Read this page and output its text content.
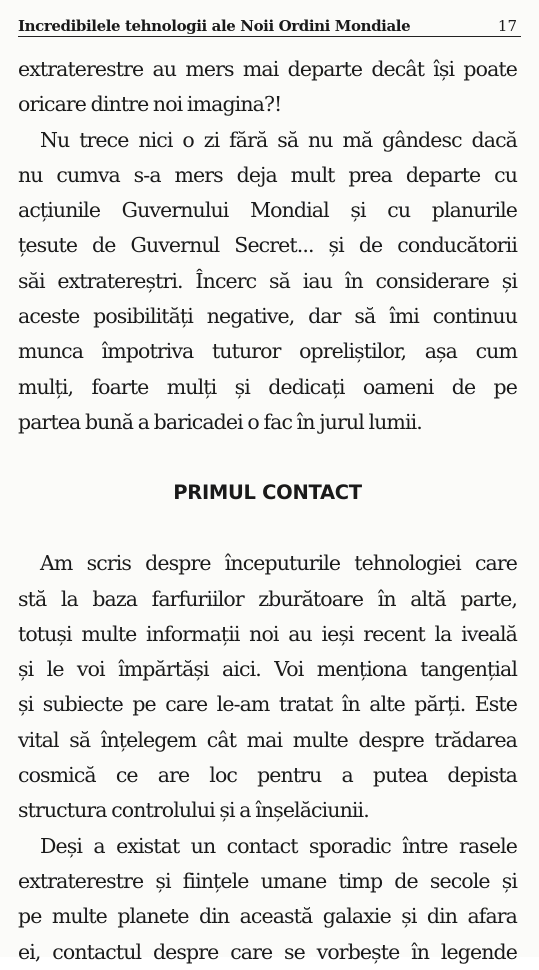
Incredibilele tehnologii ale Noii Ordini Mondiale	17

extraterestre au mers mai departe decât își poate
oricare dintre noi imagina?!

Nu trece nici o zi fără să nu mă gândesc dacă
nu cumva s-a mers deja mult prea departe cu
acțiunile Guvernului Mondial și cu planurile
țesute de Guvernul Secret... și de conducătorii
săi extratereștri. Încerc să iau în considerare și
aceste posibilități negative, dar să îmi continuu
munca împotriva tuturor opreliștilor, așa cum
mulți, foarte mulți și dedicați oameni de pe
partea bună a baricadei o fac în jurul lumii.

PRIMUL CONTACT

Am scris despre începuturile tehnologiei care
stă la baza farfuriilor zburătoare în altă parte,
totuși multe informații noi au ieși recent la iveală
și le voi împărtăși aici. Voi menționa tangențial
și subiecte pe care le-am tratat în alte părți. Este
vital să înțelegem cât mai multe despre trădarea
cosmică ce are loc pentru a putea depista
structura controlului și a înșelăciunii.

Deși a existat un contact sporadic între rasele
extraterestre și ființele umane timp de secole și
pe multe planete din această galaxie și din afara
ei, contactul despre care se vorbește în legende
